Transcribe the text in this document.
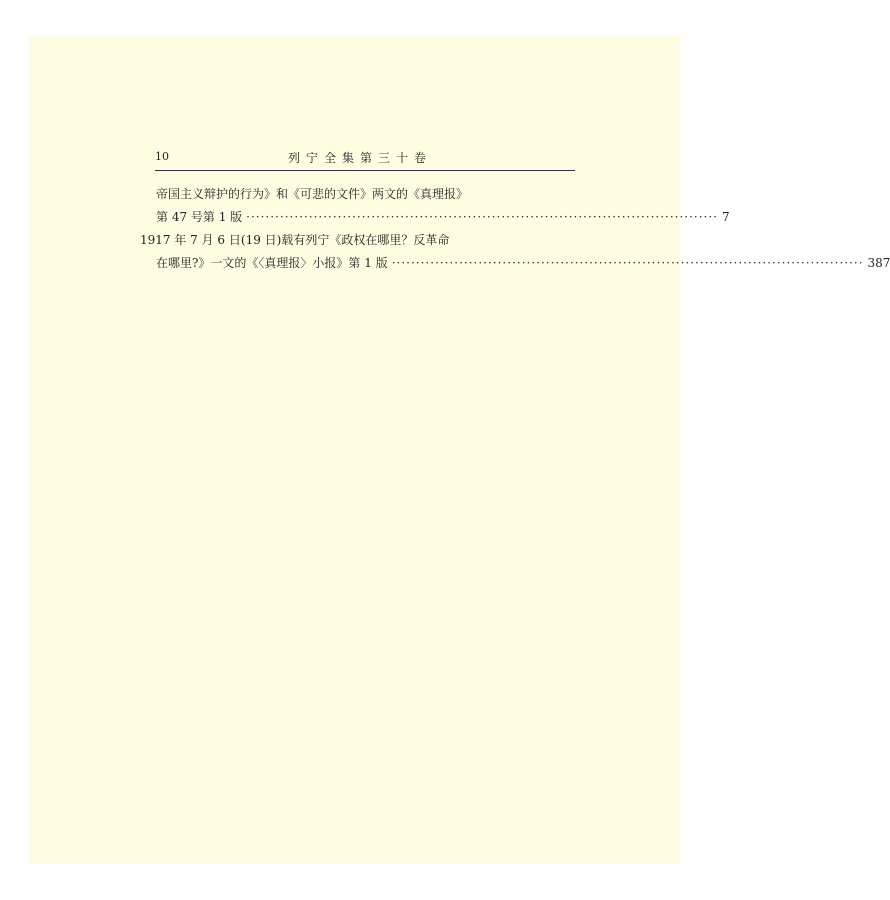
10	列宁全集第三十卷
帝国主义辩护的行为》和《可悲的文件》两文的《真理报》
第 47 号第 1 版 ·································································································· 7
1917 年 7 月 6 日(19 日)载有列宁《政权在哪里？反革命
在哪里?》一文的《〈真理报〉小报》第 1 版 ·································································································· 387
